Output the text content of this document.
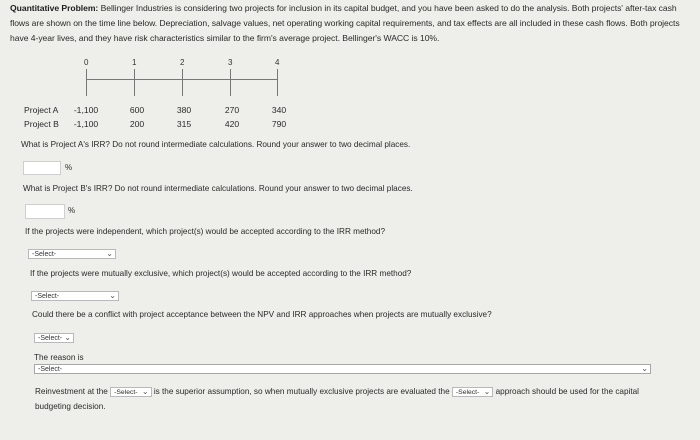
Quantitative Problem: Bellinger Industries is considering two projects for inclusion in its capital budget, and you have been asked to do the analysis. Both projects' after-tax cash flows are shown on the time line below. Depreciation, salvage values, net operating working capital requirements, and tax effects are all included in these cash flows. Both projects have 4-year lives, and they have risk characteristics similar to the firm's average project. Bellinger's WACC is 10%.
0	1	2	3	4
Project A	-1,100	600	380	270	340
Project B	-1,100	200	315	420	790
What is Project A's IRR? Do not round intermediate calculations. Round your answer to two decimal places.
%
What is Project B's IRR? Do not round intermediate calculations. Round your answer to two decimal places.
%
If the projects were independent, which project(s) would be accepted according to the IRR method?
-Select-	⌄
If the projects were mutually exclusive, which project(s) would be accepted according to the IRR method?
-Select-	⌄
Could there be a conflict with project acceptance between the NPV and IRR approaches when projects are mutually exclusive?
-Select- ⌄
The reason is
-Select-	⌄
Reinvestment at the -Select- ⌄ is the superior assumption, so when mutually exclusive projects are evaluated the -Select- ⌄ approach should be used for the capital budgeting decision.
